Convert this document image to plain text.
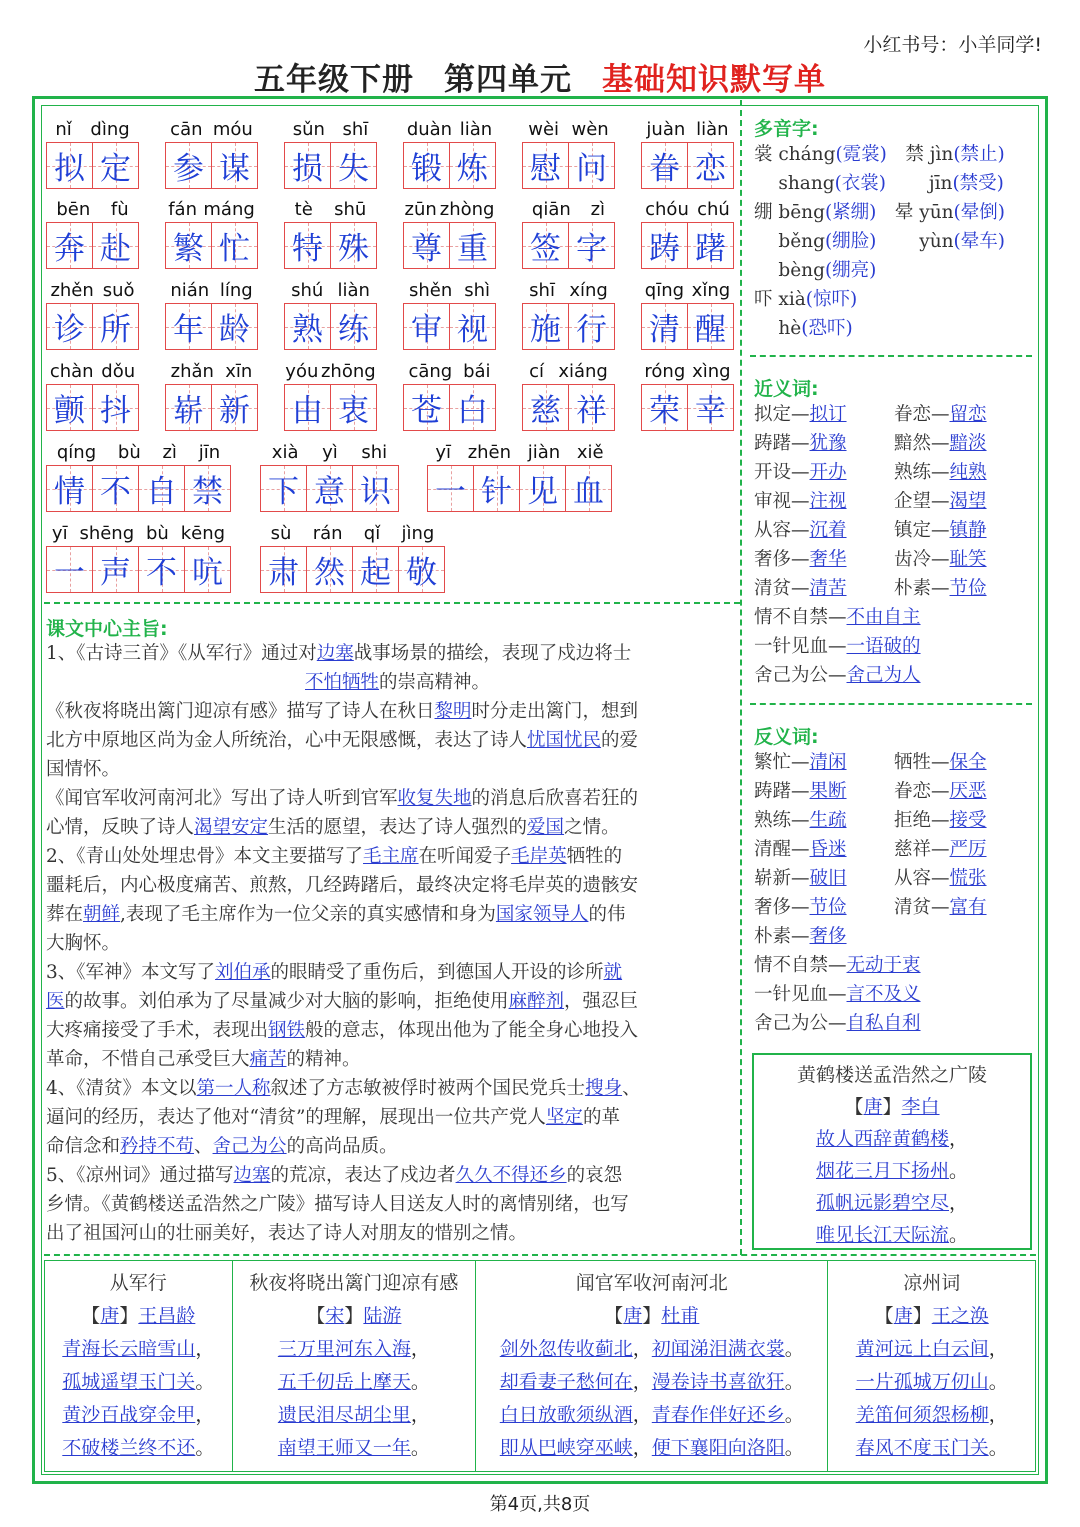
小红书号：小羊同学!
五年级下册 第四单元 基础知识默写单
nǐ dìng
拟 定
cān móu
参 谋
sǔn shī
损 失
duàn liàn
锻 炼
wèi wèn
慰 问
juàn liàn
眷 恋
bēn fù
奔 赴
fán máng
繁 忙
tè shū
特 殊
zūn zhòng
尊 重
qiān zì
签 字
chóu chú
踌 躇
zhěn suǒ
诊 所
nián líng
年 龄
shú liàn
熟 练
shěn shì
审 视
shī xíng
施 行
qīng xǐng
清 醒
chàn dǒu
颤 抖
zhǎn xīn
崭 新
yóu zhōng
由 衷
cāng bái
苍 白
cí xiáng
慈 祥
róng xìng
荣 幸
qíng bù zì jīn
情 不 自 禁
xià yì shi
下 意 识
yī zhēn jiàn xiě
一 针 见 血
yī shēng bù kēng
一 声 不 吭
sù rán qǐ jìng
肃 然 起 敬
课文中心主旨:
1、《古诗三首》《从军行》通过对边塞战事场景的描绘，表现了戍边将士
　　　　　　　　　　　　　　不怕牺牲的崇高精神。
《秋夜将晓出篱门迎凉有感》描写了诗人在秋日黎明时分走出篱门，想到
北方中原地区尚为金人所统治，心中无限感慨，表达了诗人忧国忧民的爱
国情怀。
《闻官军收河南河北》写出了诗人听到官军收复失地的消息后欣喜若狂的
心情，反映了诗人渴望安定生活的愿望，表达了诗人强烈的爱国之情。
2、《青山处处埋忠骨》本文主要描写了毛主席在听闻爱子毛岸英牺牲的
噩耗后，内心极度痛苦、煎熬，几经踌躇后，最终决定将毛岸英的遗骸安
葬在朝鲜,表现了毛主席作为一位父亲的真实感情和身为国家领导人的伟
大胸怀。
3、《军神》本文写了刘伯承的眼睛受了重伤后，到德国人开设的诊所就
医的故事。刘伯承为了尽量减少对大脑的影响，拒绝使用麻醉剂，强忍巨
大疼痛接受了手术，表现出钢铁般的意志，体现出他为了能全身心地投入
革命，不惜自己承受巨大痛苦的精神。
4、《清贫》本文以第一人称叙述了方志敏被俘时被两个国民党兵士搜身、
逼问的经历，表达了他对“清贫”的理解，展现出一位共产党人坚定的革
命信念和矜持不苟、舍己为公的高尚品质。
5、《凉州词》通过描写边塞的荒凉，表达了戍边者久久不得还乡的哀怨
乡情。《黄鹤楼送孟浩然之广陵》描写诗人目送友人时的离情别绪，也写
出了祖国河山的壮丽美好，表达了诗人对朋友的惜别之情。
多音字:
裳 cháng(霓裳)　禁 jìn(禁止)
　 shang(衣裳)　　 jīn(禁受)
绷 bēng(紧绷)　晕 yūn(晕倒)
　 běng(绷脸)　　 yùn(晕车)
　 bèng(绷亮)
吓 xià(惊吓)
　 hè(恐吓)
近义词:
拟定—拟订	眷恋—留恋
踌躇—犹豫	黯然—黯淡
开设—开办	熟练—纯熟
审视—注视	企望—渴望
从容—沉着	镇定—镇静
奢侈—奢华	齿冷—耻笑
清贫—清苦	朴素—节俭
情不自禁—不由自主
一针见血—一语破的
舍己为公—舍己为人
反义词:
繁忙—清闲	牺牲—保全
踌躇—果断	眷恋—厌恶
熟练—生疏	拒绝—接受
清醒—昏迷	慈祥—严厉
崭新—破旧	从容—慌张
奢侈—节俭	清贫—富有
朴素—奢侈
情不自禁—无动于衷
一针见血—言不及义
舍己为公—自私自利
黄鹤楼送孟浩然之广陵
【唐】李白
故人西辞黄鹤楼，
烟花三月下扬州。
孤帆远影碧空尽，
唯见长江天际流。
从军行
【唐】王昌龄
青海长云暗雪山，
孤城遥望玉门关。
黄沙百战穿金甲，
不破楼兰终不还。
秋夜将晓出篱门迎凉有感
【宋】陆游
三万里河东入海，
五千仞岳上摩天。
遗民泪尽胡尘里，
南望王师又一年。
闻官军收河南河北
【唐】杜甫
剑外忽传收蓟北，初闻涕泪满衣裳。
却看妻子愁何在，漫卷诗书喜欲狂。
白日放歌须纵酒，青春作伴好还乡。
即从巴峡穿巫峡，便下襄阳向洛阳。
凉州词
【唐】王之涣
黄河远上白云间，
一片孤城万仞山。
羌笛何须怨杨柳，
春风不度玉门关。
第4页,共8页
